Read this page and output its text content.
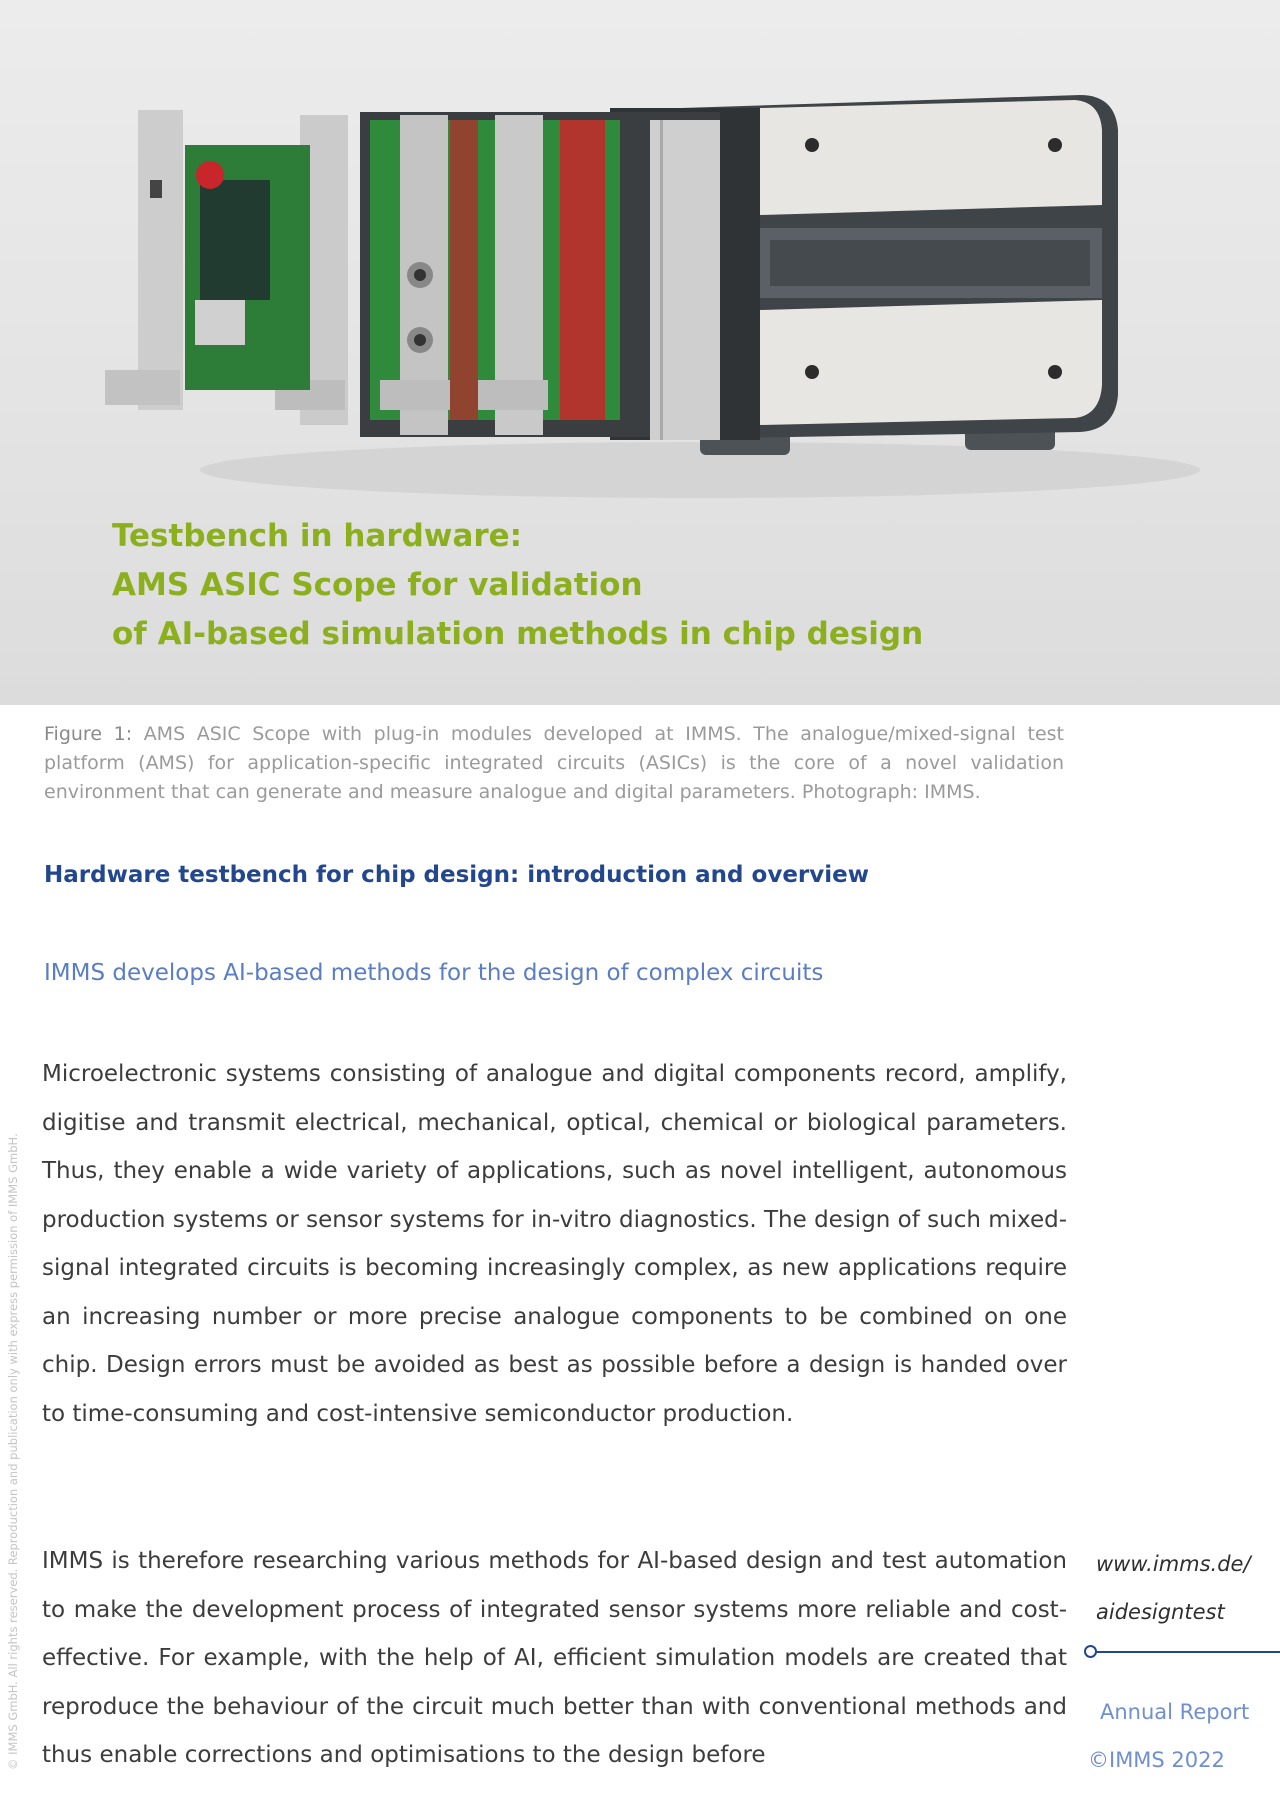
Testbench in hardware:
AMS ASIC Scope for validation
of AI-based simulation methods in chip design
Figure 1: AMS ASIC Scope with plug-in modules developed at IMMS. The analogue/mixed-signal test platform (AMS) for application-specific integrated circuits (ASICs) is the core of a novel validation environment that can generate and measure analogue and digital parameters. Photograph: IMMS.
Hardware testbench for chip design: introduction and overview
IMMS develops AI-based methods for the design of complex circuits
Microelectronic systems consisting of analogue and digital components record, amplify, digitise and transmit electrical, mechanical, optical, chemical or biological parameters. Thus, they enable a wide variety of applications, such as novel intelligent, autonomous production systems or sensor systems for in-vitro diagnostics. The design of such mixed-signal integrated circuits is becoming increasingly complex, as new applications require an increasing number or more precise analogue components to be combined on one chip. Design errors must be avoided as best as possible before a design is handed over to time-consuming and cost-intensive semiconductor production.
IMMS is therefore researching various methods for AI-based design and test automation to make the development process of integrated sensor systems more reliable and cost-effective. For example, with the help of AI, efficient simulation models are created that reproduce the behaviour of the circuit much better than with conventional methods and thus enable corrections and optimisations to the design before
www.imms.de/
aidesigntest
Annual Report
©IMMS 2022
© IMMS GmbH. All rights reserved. Reproduction and publication only with express permission of IMMS GmbH.
